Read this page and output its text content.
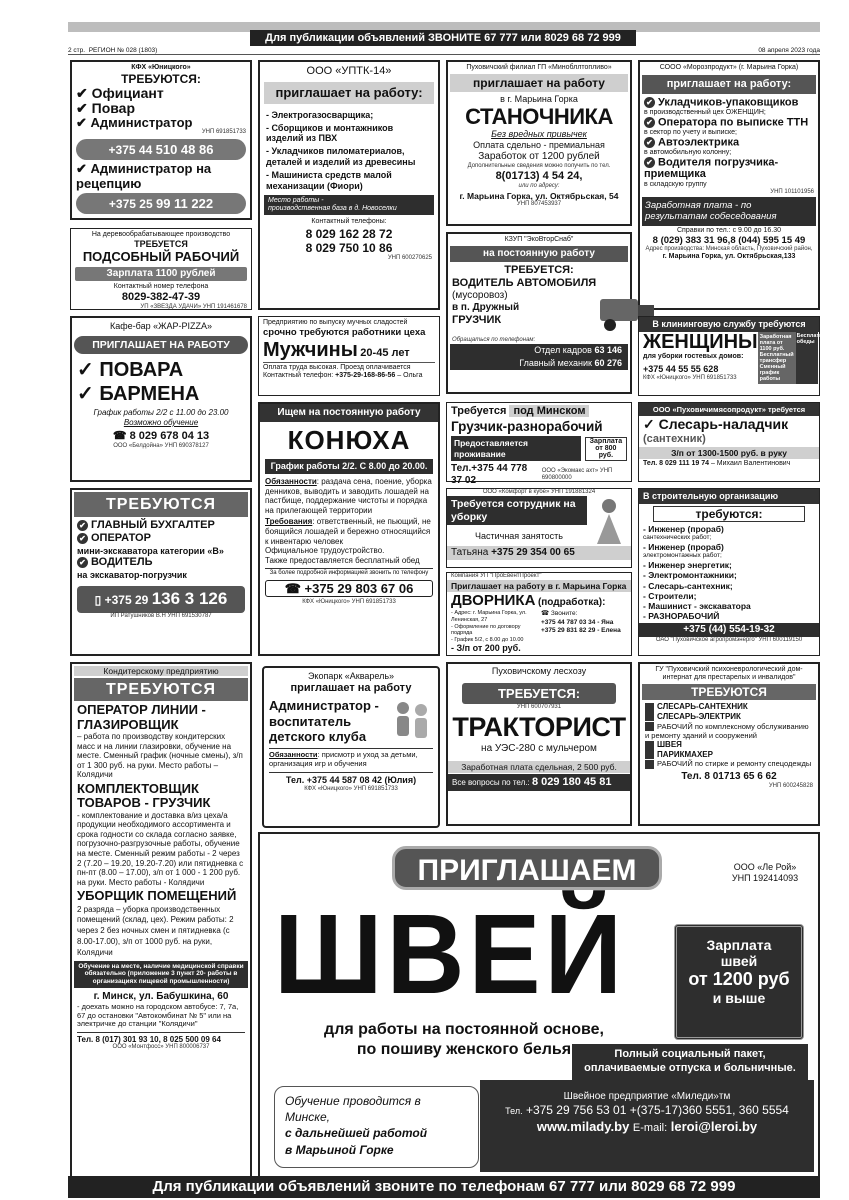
Для публикации объявлений ЗВОНИТЕ 67 777 или 8029 68 72 999
2 стр. РЕГИОН № 028 (1803)	08 апреля 2023 года
КФХ «Юницкого»
ТРЕБУЮТСЯ:
✔ Официант
✔ Повар
✔ Администратор
УНП 691851733
+375 44 510 48 86
✔ Администратор на рецепцию
+375 25 99 11 222
На деревообрабатывающее производство
ТРЕБУЕТСЯ
ПОДСОБНЫЙ РАБОЧИЙ
Зарплата 1100 рублей
Контактный номер телефона
8029-382-47-39
УП «ЗВЕЗДА УДАЧИ» УНП 191461678
ООО «УПТК-14»
приглашает на работу:
- Электрогазосварщика;
- Сборщиков и монтажников изделий из ПВХ
- Укладчиков пиломатериалов, деталей и изделий из древесины
- Машиниста средств малой механизации (Фиори)
Место работы -
производственная база в д. Новоселки
Контактный телефоны:
8 029 162 28 72
8 029 750 10 86
УНП 600270625
Пуховичский филиал ГП «Минобллтопливо»
приглашает на работу
в г. Марьина Горка
СТАНОЧНИКА
Без вредных привычек
Оплата сдельно - премиальная
Заработок от 1200 рублей
Дополнительные сведения можно получить по тел.
8(01713) 4 54 24,
или по адресу:
г. Марьина Горка, ул. Октябрьская, 54
УНП 807453937
СООО «Морозпродукт» (г. Марьина Горка)
приглашает на работу:
✔ Укладчиков-упаковщиков
в производственный цех ОЖЕНЩИН;
✔ Оператора по выписке ТТН
в сектор по учету и выписке;
✔ Автоэлектрика
в автомобильную колонну;
✔ Водителя погрузчика-приемщика
в складскую группу
УНП 101101956
Заработная плата - по результатам собеседования
Справки по тел.: с 9.00 до 16.30
8 (029) 383 31 96,8 (044) 595 15 49
Адрес производства: Минская область, Пуховичский район,
г. Марьина Горка, ул. Октябрьская,133
КЗУП "ЭкоВторСнаб"
на постоянную работу
ТРЕБУЕТСЯ:
ВОДИТЕЛЬ АВТОМОБИЛЯ
(мусоровоз)
в п. Дружный
ГРУЗЧИК
Обращаться по телефонам:
Отдел кадров 63 146
Главный механик 60 276
Кафе-бар «ЖАР-PIZZA»
ПРИГЛАШАЕТ НА РАБОТУ
✓ ПОВАРА
✓ БАРМЕНА
График работы 2/2 с 11.00 до 23.00
Возможно обучение
☎ 8 029 678 04 13
ООО «Белдойна» УНП 690378127
Предприятию по выпуску мучных сладостей
срочно требуются работники цеха
Мужчины 20-45 лет
Оплата труда высокая. Проезд оплачивается
Контактный телефон: +375-29-168-86-56 – Ольга
В клининговую службу требуются
ЖЕНЩИНЫ
для уборки гостевых домов:
+375 44 55 55 628
КФХ «Юницкого» УНП 691851733
Заработная плата от 1100 руб. Бесплатный трансфер Сменный график работы
Бесплатные обеды
Ищем на постоянную работу
КОНЮХА
График работы 2/2. С 8.00 до 20.00.
Обязанности: раздача сена, поение, уборка денников, выводить и заводить лошадей на пастбище, поддержание чистоты и порядка на прилегающей территории
Требования: ответственный, не пьющий, не боящийся лошадей и бережно относящийся к инвентарю человек
Официальное трудоустройство.
Также предоставляется бесплатный обед
За более подробной информацией звонить по телефону
☎ +375 29 803 67 06
КФХ «Юницкого» УНП 691851733
Требуется под Минском
Грузчик-разнорабочий
Предоставляется проживание
Зарплата
от 800 руб.
Тел.+375 44 778 37 02
ООО «Экомакс ахт» УНП 690800000
ООО «Пуховичимясопродукт» требуется
✓ Слесарь-наладчик
(сантехник)
З/п от 1300-1500 руб. в руку
Тел. 8 029 111 19 74 – Михаил Валентинович
ТРЕБУЮТСЯ
✔ ГЛАВНЫЙ БУХГАЛТЕР
✔ ОПЕРАТОР
мини-экскаватора категории «В»
✔ ВОДИТЕЛЬ
на экскаватор-погрузчик
▯ +375 29 136 3 126
ИП Ратушников В.Н УНП 691530787
ООО «Комфорт в кубе» УНП 191881324
Требуется сотрудник на уборку
Частичная занятость
Татьяна +375 29 354 00 65
Компания УП "ПроЕвентПроект"
Приглашает на работу в г. Марьина Горка
ДВОРНИКА (подработка):
- Адрес: г. Марьина Горка, ул. Ленинская, 27
- Оформление по договору подряда
- График 5/2, с 8.00 до 10.00
- З/п от 200 руб.
☎ Звоните:
+375 44 787 03 34 - Яна
+375 29 831 82 29 - Елена
В строительную организацию
требуются:
- Инженер (прораб)
сантехнических работ;
- Инженер (прораб)
электромонтажных работ;
- Инженер энергетик;
- Электромонтажники;
- Слесарь-сантехник;
- Строители;
- Машинист - экскаватора
- РАЗНОРАБОЧИЙ
+375 (44) 554-19-32
ОАО "Пуховичское агропромэнерго" УНП 600119150
Кондитерскому предприятию
ТРЕБУЮТСЯ
ОПЕРАТОР ЛИНИИ - ГЛАЗИРОВЩИК
– работа по производству кондитерских масс и на линии глазировки, обучение на месте. Сменный график (ночные смены), з/п от 1 300 руб. на руки. Место работы – Колядичи
КОМПЛЕКТОВЩИК ТОВАРОВ - ГРУЗЧИК
- комплектование и доставка в/из цеха/а продукции необходимого ассортимента и срока годности со склада согласно заявке, погрузочно-разгрузочные работы, обучение на месте. Сменный режим работы - 2 через 2 (7.20 – 19.20, 19.20-7.20) или пятидневка с пн-пт (8.00 – 17.00), з/п от 1 000 - 1 200 руб. на руки. Место работы - Колядичи
УБОРЩИК ПОМЕЩЕНИЙ
2 разряда – уборка производственных помещений (склад, цех). Режим работы: 2 через 2 без ночных смен и пятидневка (с 8.00-17.00), з/п от 1000 руб. на руки, Колядичи
Обучение на месте, наличие медицинской справки обязательно (приложение 3 пункт 20- работы в организациях пищевой промышленности)
г. Минск, ул. Бабушкина, 60
- доехать можно на городском автобусе: 7, 7а, 67 до остановки "Автокомбинат № 5" или на электричке до станции "Колядичи"
Тел. 8 (017) 301 93 10, 8 025 500 09 64
ООО «Монтфосс» УНП 800006737
Экопарк «Акварель»
приглашает на работу
Администратор -
воспитатель
детского клуба
Обязанности: присмотр и уход за детьми, организация игр и обучения
Тел. +375 44 587 08 42 (Юлия)
КФХ «Юницкого» УНП 691851733
Пуховичскому лесхозу
ТРЕБУЕТСЯ:
УНП 600707931
ТРАКТОРИСТ
на УЭС-280 с мульчером
Заработная плата сдельная, 2 500 руб.
Все вопросы по тел.: 8 029 180 45 81
ГУ "Пуховичский психоневрологический дом-интернат для престарелых и инвалидов"
ТРЕБУЮТСЯ
СЛЕСАРЬ-САНТЕХНИК
СЛЕСАРЬ-ЭЛЕКТРИК
РАБОЧИЙ по комплексному обслуживанию и ремонту зданий и сооружений
ШВЕЯ
ПАРИКМАХЕР
РАБОЧИЙ по стирке и ремонту спецодежды
Тел. 8 01713 65 6 62
УНП 600245828
ПРИГЛАШАЕМ	ООО «Ле Рой»
УНП 192414093
ШВЕЙ	Зарплата
швей
от 1200 руб
и выше
для работы на постоянной основе,
по пошиву женского белья	Полный социальный пакет, оплачиваемые отпуска и больничные.
Обучение проводится в Минске,
с дальнейшей работой
в Марьиной Горке
Швейное предприятие «Миледи»тм
Тел. +375 29 756 53 01 +(375-17)360 5551, 360 5554
www.milady.by E-mail: leroi@leroi.by
Для публикации объявлений звоните по телефонам 67 777 или 8029 68 72 999
